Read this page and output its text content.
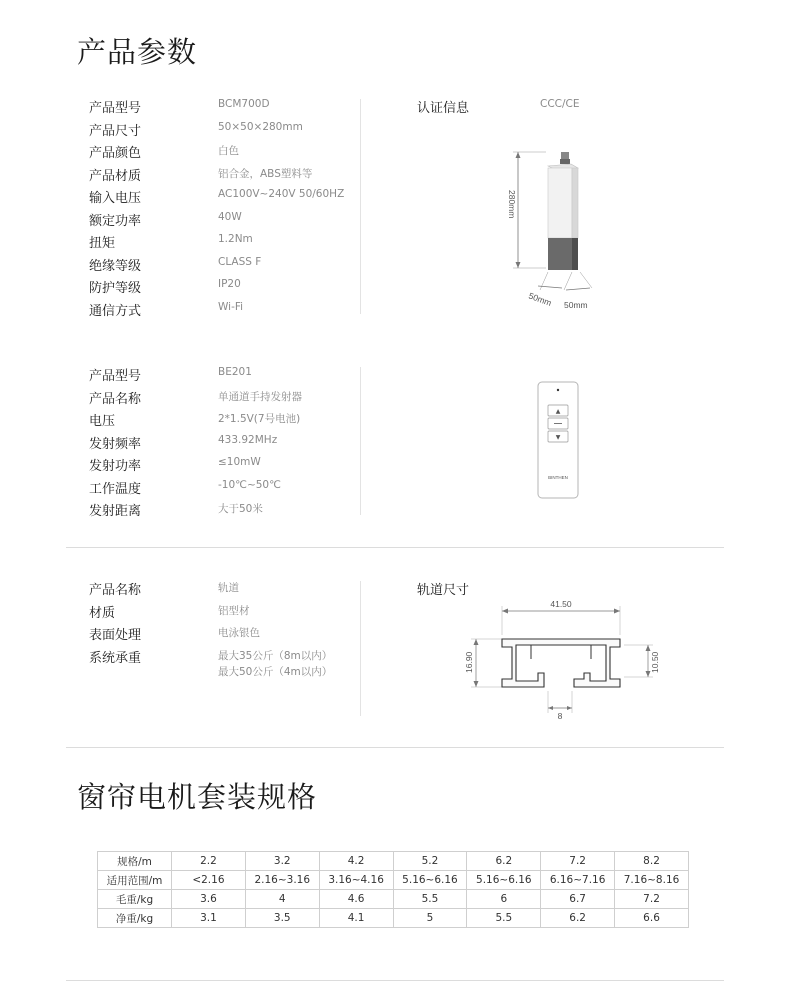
产品参数
产品型号	BCM700D
产品尺寸	50×50×280mm
产品颜色	白色
产品材质	铝合金，ABS塑料等
输入电压	AC100V~240V 50/60HZ
额定功率	40W
扭矩	1.2Nm
绝缘等级	CLASS F
防护等级	IP20
通信方式	Wi-Fi
认证信息	CCC/CE
280mm
50mm 50mm
产品型号	BE201
产品名称	单通道手持发射器
电压	2*1.5V(7号电池)
发射频率	433.92MHz
发射功率	≤10mW
工作温度	-10℃~50℃
发射距离	大于50米
▲
▼
BINTHEN
产品名称	轨道
材质	铝型材
表面处理	电泳银色
系统承重	最大35公斤（8m以内）
最大50公斤（4m以内）
轨道尺寸
41.50
16.90	10.50
8
窗帘电机套装规格
规格/m	2.2	3.2	4.2	5.2	6.2	7.2	8.2
适用范围/m	<2.16	2.16~3.16	3.16~4.16	5.16~6.16	5.16~6.16	6.16~7.16	7.16~8.16
毛重/kg	3.6	4	4.6	5.5	6	6.7	7.2
净重/kg	3.1	3.5	4.1	5	5.5	6.2	6.6
